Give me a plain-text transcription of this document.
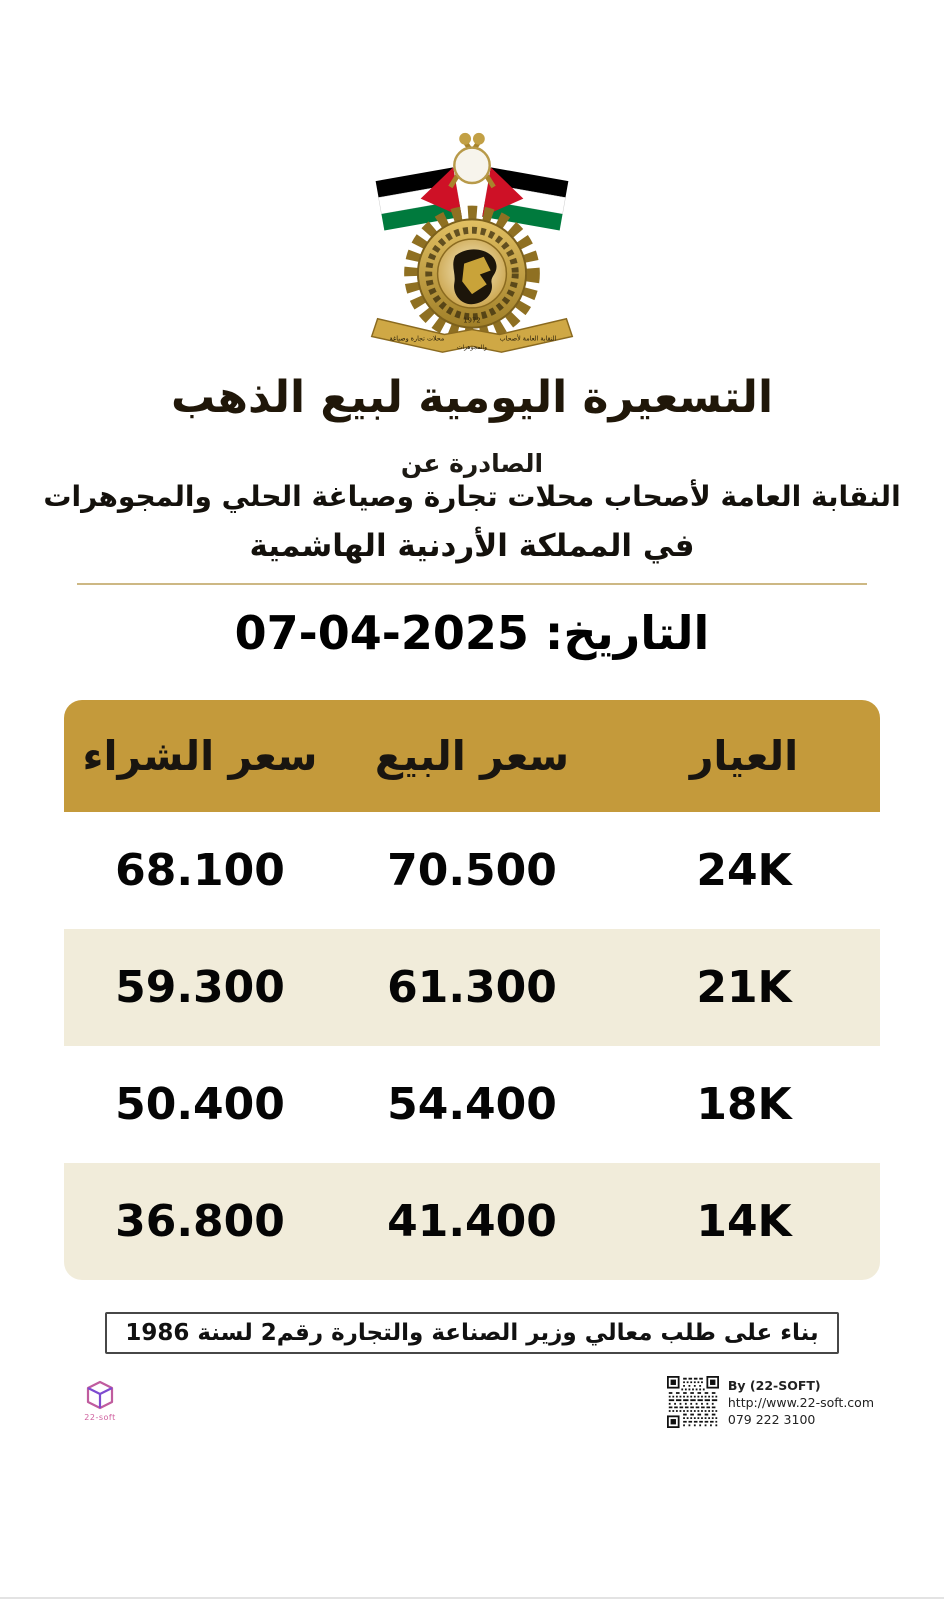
1972
النقابة العامة لأصحاب
محلات تجارة وصياغة
والمجوهرات
التسعيرة اليومية لبيع الذهب
الصادرة عن
النقابة العامة لأصحاب محلات تجارة وصياغة الحلي والمجوهرات
في المملكة الأردنية الهاشمية
التاريخ:
07-04-2025
العيار
سعر البيع
سعر الشراء
24K
70.500
68.100
21K
61.300
59.300
18K
54.400
50.400
14K
41.400
36.800
بناء على طلب معالي وزير الصناعة والتجارة رقم2 لسنة 1986
By (22-SOFT)
http://www.22-soft.com
079 222 3100
22-soft
